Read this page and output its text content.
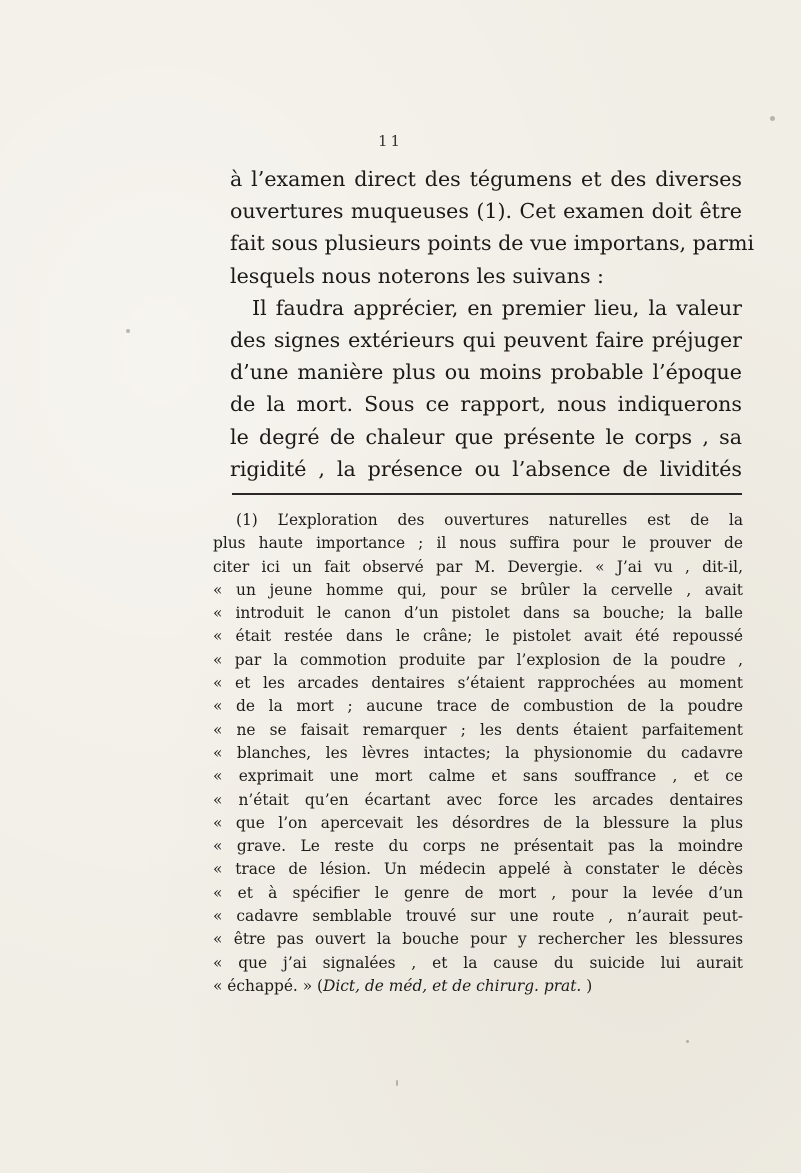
11
à l’examen direct des tégumens et des diverses
ouvertures muqueuses (1). Cet examen doit être
fait sous plusieurs points de vue importans, parmi
lesquels nous noterons les suivans :
Il faudra apprécier, en premier lieu, la valeur
des signes extérieurs qui peuvent faire préjuger
d’une manière plus ou moins probable l’époque
de la mort. Sous ce rapport, nous indiquerons
le degré de chaleur que présente le corps , sa
rigidité , la présence ou l’absence de lividités
(1) L’exploration des ouvertures naturelles est de la
plus haute importance ; il nous suffira pour le prouver de
citer ici un fait observé par M. Devergie. « J’ai vu , dit-il,
« un jeune homme qui, pour se brûler la cervelle , avait
« introduit le canon d’un pistolet dans sa bouche; la balle
« était restée dans le crâne; le pistolet avait été repoussé
« par la commotion produite par l’explosion de la poudre ,
« et les arcades dentaires s’étaient rapprochées au moment
« de la mort ; aucune trace de combustion de la poudre
« ne se faisait remarquer ; les dents étaient parfaitement
« blanches, les lèvres intactes; la physionomie du cadavre
« exprimait une mort calme et sans souffrance , et ce
« n’était qu’en écartant avec force les arcades dentaires
« que l’on apercevait les désordres de la blessure la plus
« grave. Le reste du corps ne présentait pas la moindre
« trace de lésion. Un médecin appelé à constater le décès
« et à spécifier le genre de mort , pour la levée d’un
« cadavre semblable trouvé sur une route , n’aurait peut-
« être pas ouvert la bouche pour y rechercher les blessures
« que j’ai signalées , et la cause du suicide lui aurait
« échappé. » (Dict, de méd, et de chirurg. prat. )
